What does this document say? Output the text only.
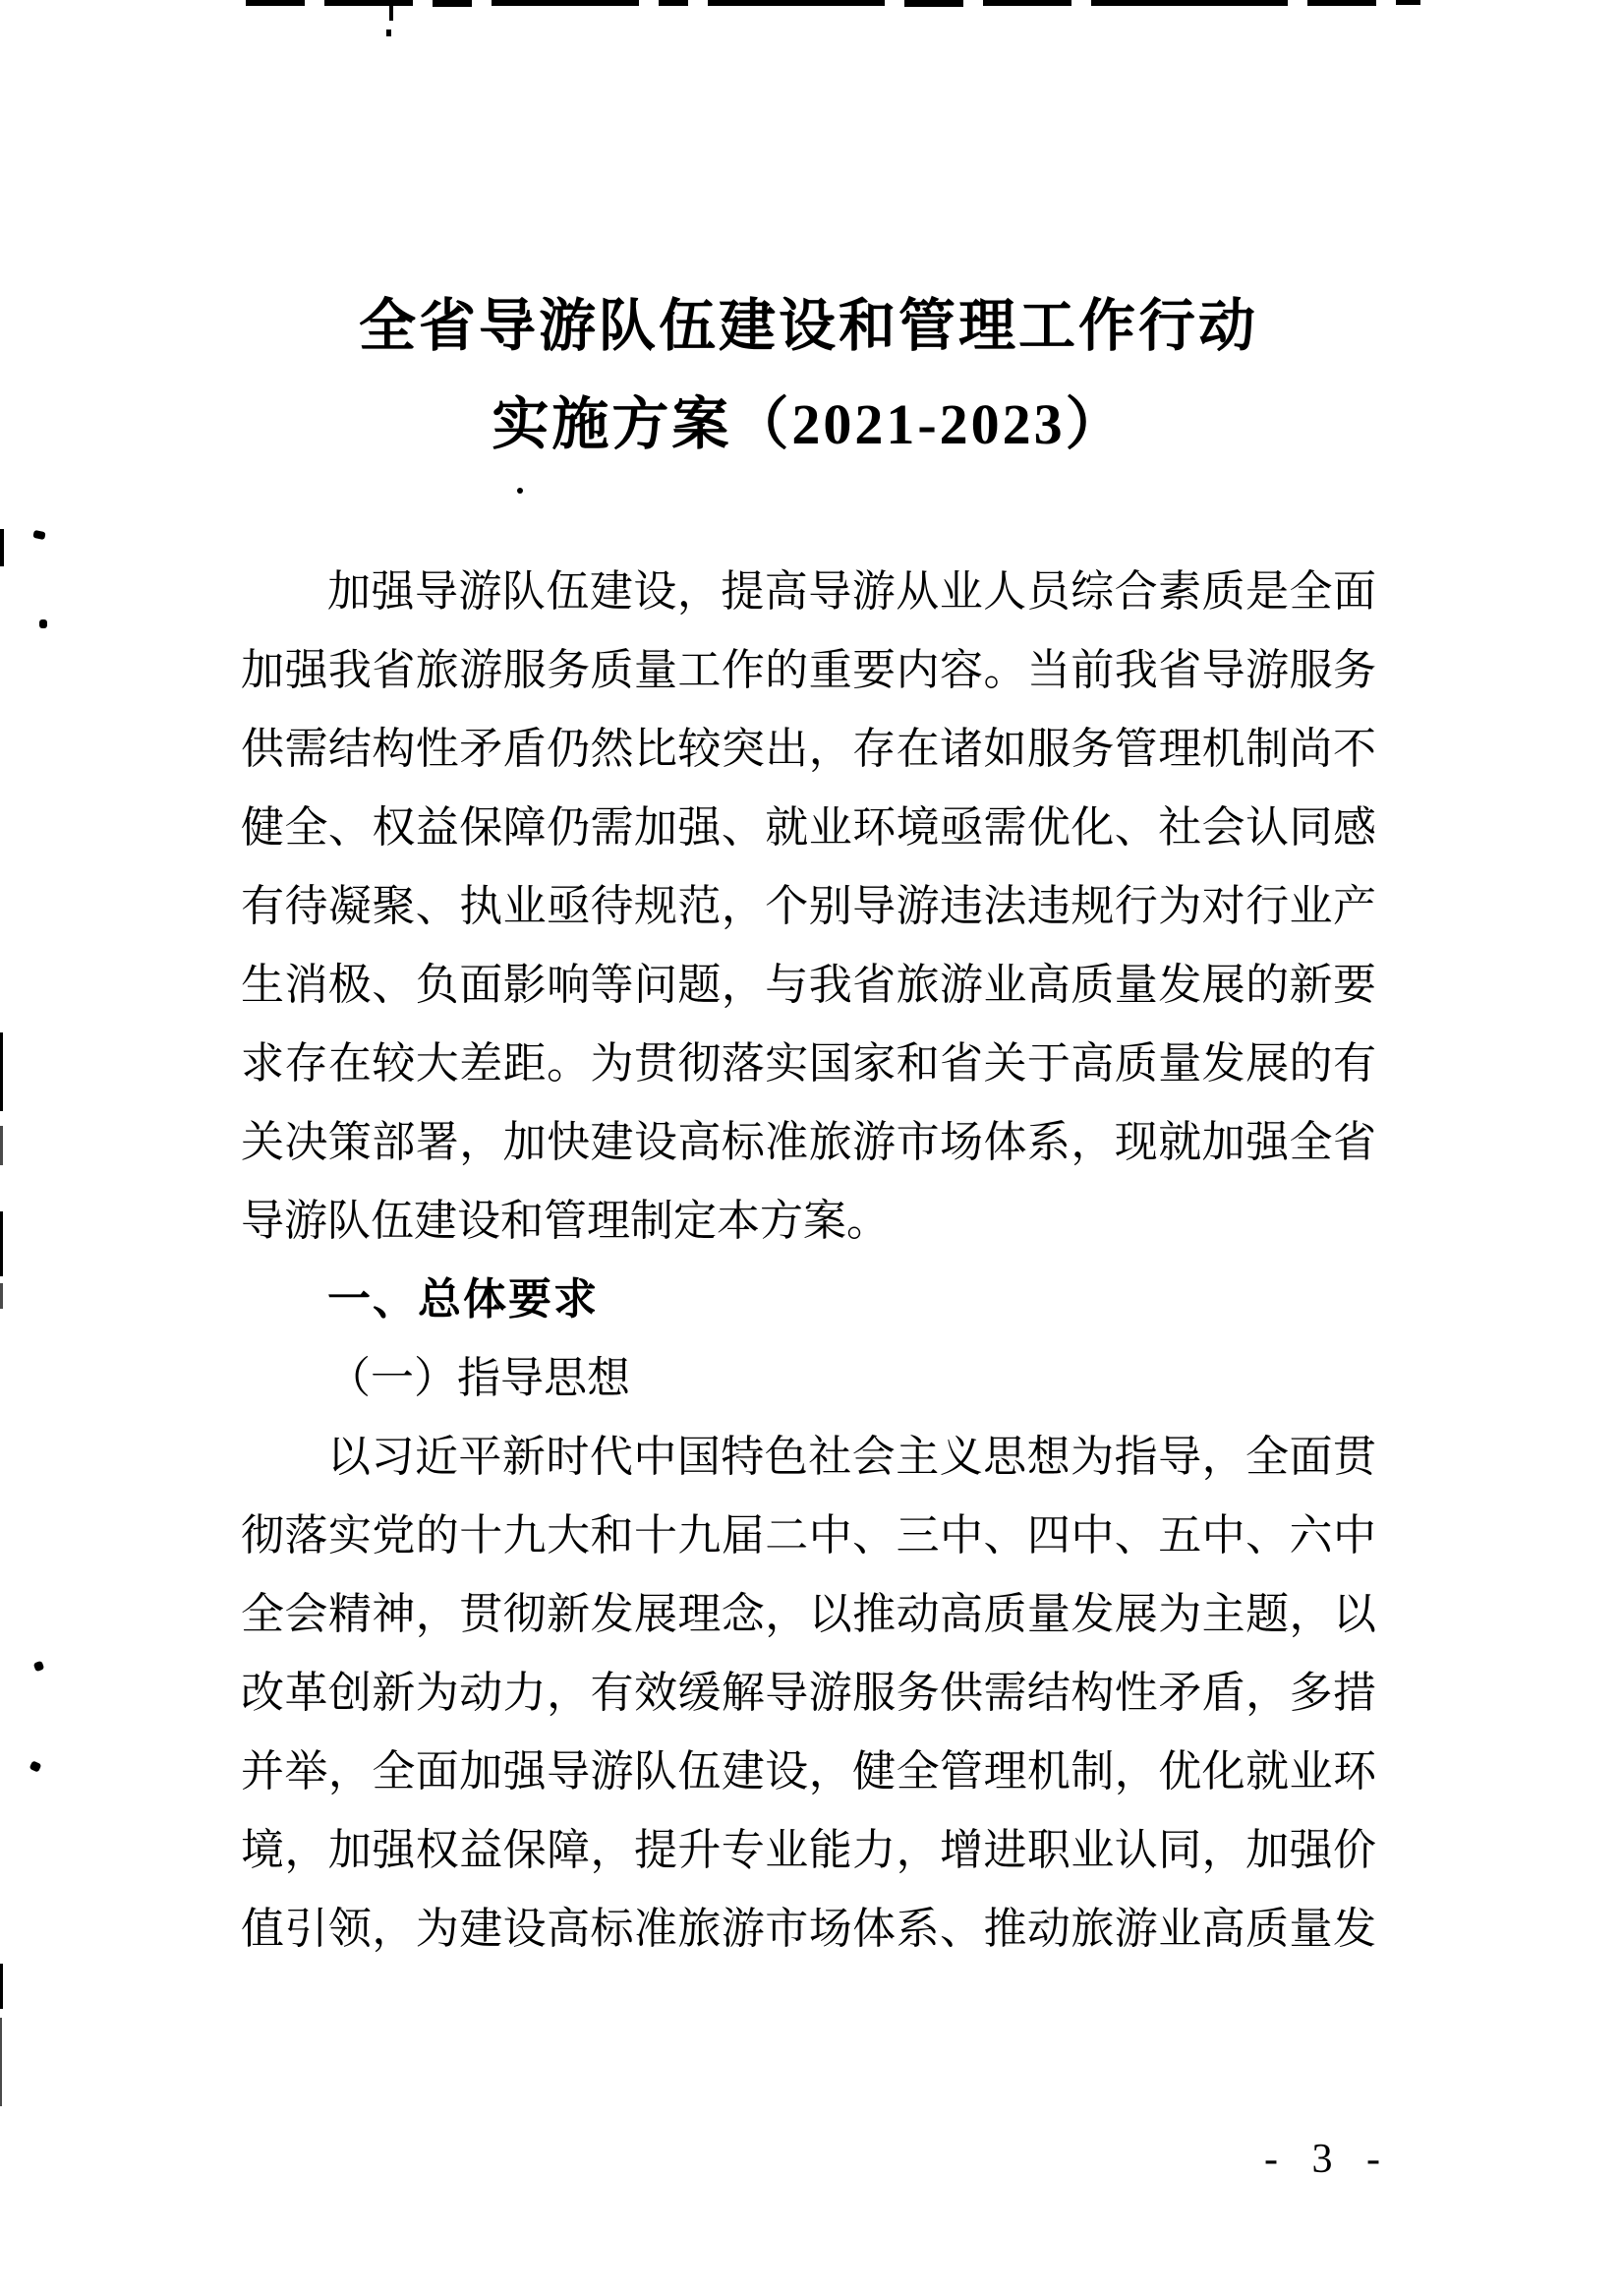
全省导游队伍建设和管理工作行动
实施方案（2021-2023）
加强导游队伍建设，提高导游从业人员综合素质是全面
加强我省旅游服务质量工作的重要内容。当前我省导游服务
供需结构性矛盾仍然比较突出，存在诸如服务管理机制尚不
健全、权益保障仍需加强、就业环境亟需优化、社会认同感
有待凝聚、执业亟待规范，个别导游违法违规行为对行业产
生消极、负面影响等问题，与我省旅游业高质量发展的新要
求存在较大差距。为贯彻落实国家和省关于高质量发展的有
关决策部署，加快建设高标准旅游市场体系，现就加强全省
导游队伍建设和管理制定本方案。
一、总体要求
（一）指导思想
以习近平新时代中国特色社会主义思想为指导，全面贯
彻落实党的十九大和十九届二中、三中、四中、五中、六中
全会精神，贯彻新发展理念，以推动高质量发展为主题，以
改革创新为动力，有效缓解导游服务供需结构性矛盾，多措
并举，全面加强导游队伍建设，健全管理机制，优化就业环
境，加强权益保障，提升专业能力，增进职业认同，加强价
值引领，为建设高标准旅游市场体系、推动旅游业高质量发
- 3 -
